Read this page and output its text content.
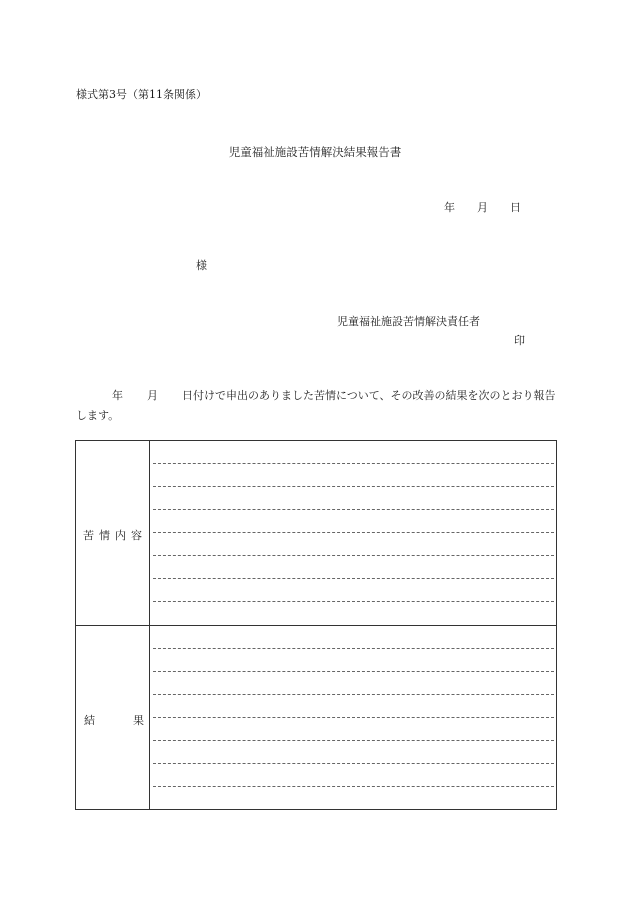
様式第3号（第11条関係）
児童福祉施設苦情解決結果報告書
年 月 日
様
児童福祉施設苦情解決責任者
印
年 月 日付けで申出のありました苦情について、その改善の結果を次のとおり報告します。
苦情内容
結	果
